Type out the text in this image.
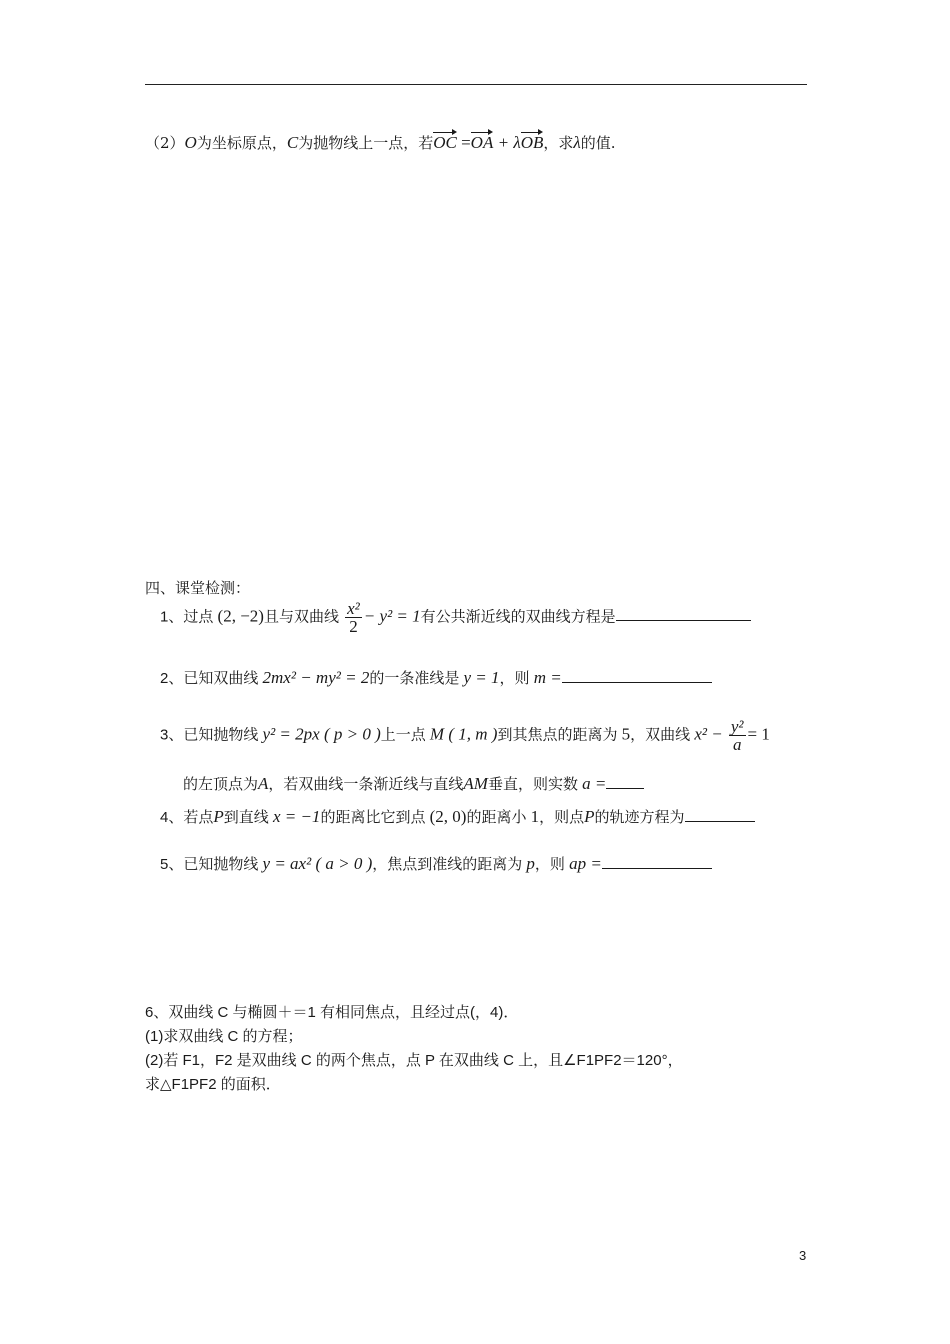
（2）O为坐标原点，C为抛物线上一点，若OC =OA + λOB，求λ的值.
四、课堂检测：
1、过点 (2, −2)且与双曲线 $\frac{\text{x²}}{2} - y^2 = 1$有公共渐近线的双曲线方程是
2、已知双曲线 2mx² − my² = 2的一条准线是 y = 1，则 m =
3、已知抛物线 y² = 2px ( p > 0 )上一点 M ( 1, m )到其焦点的距离为 5，双曲线 $x^2 - \frac{\text{y²}}{a} = 1$
的左顶点为A，若双曲线一条渐近线与直线AM垂直，则实数 a =
4、若点P到直线 x = −1的距离比它到点 (2, 0)的距离小 1，则点P的轨迹方程为
5、已知抛物线 y = ax² ( a > 0 )，焦点到准线的距离为 p，则 ap =
6、双曲线 C 与椭圆＋＝1 有相同焦点，且经过点(，4)．
(1)求双曲线 C 的方程；
(2)若 F1，F2 是双曲线 C 的两个焦点，点 P 在双曲线 C 上，且∠F1PF2＝120°，
求△F1PF2 的面积．
3
